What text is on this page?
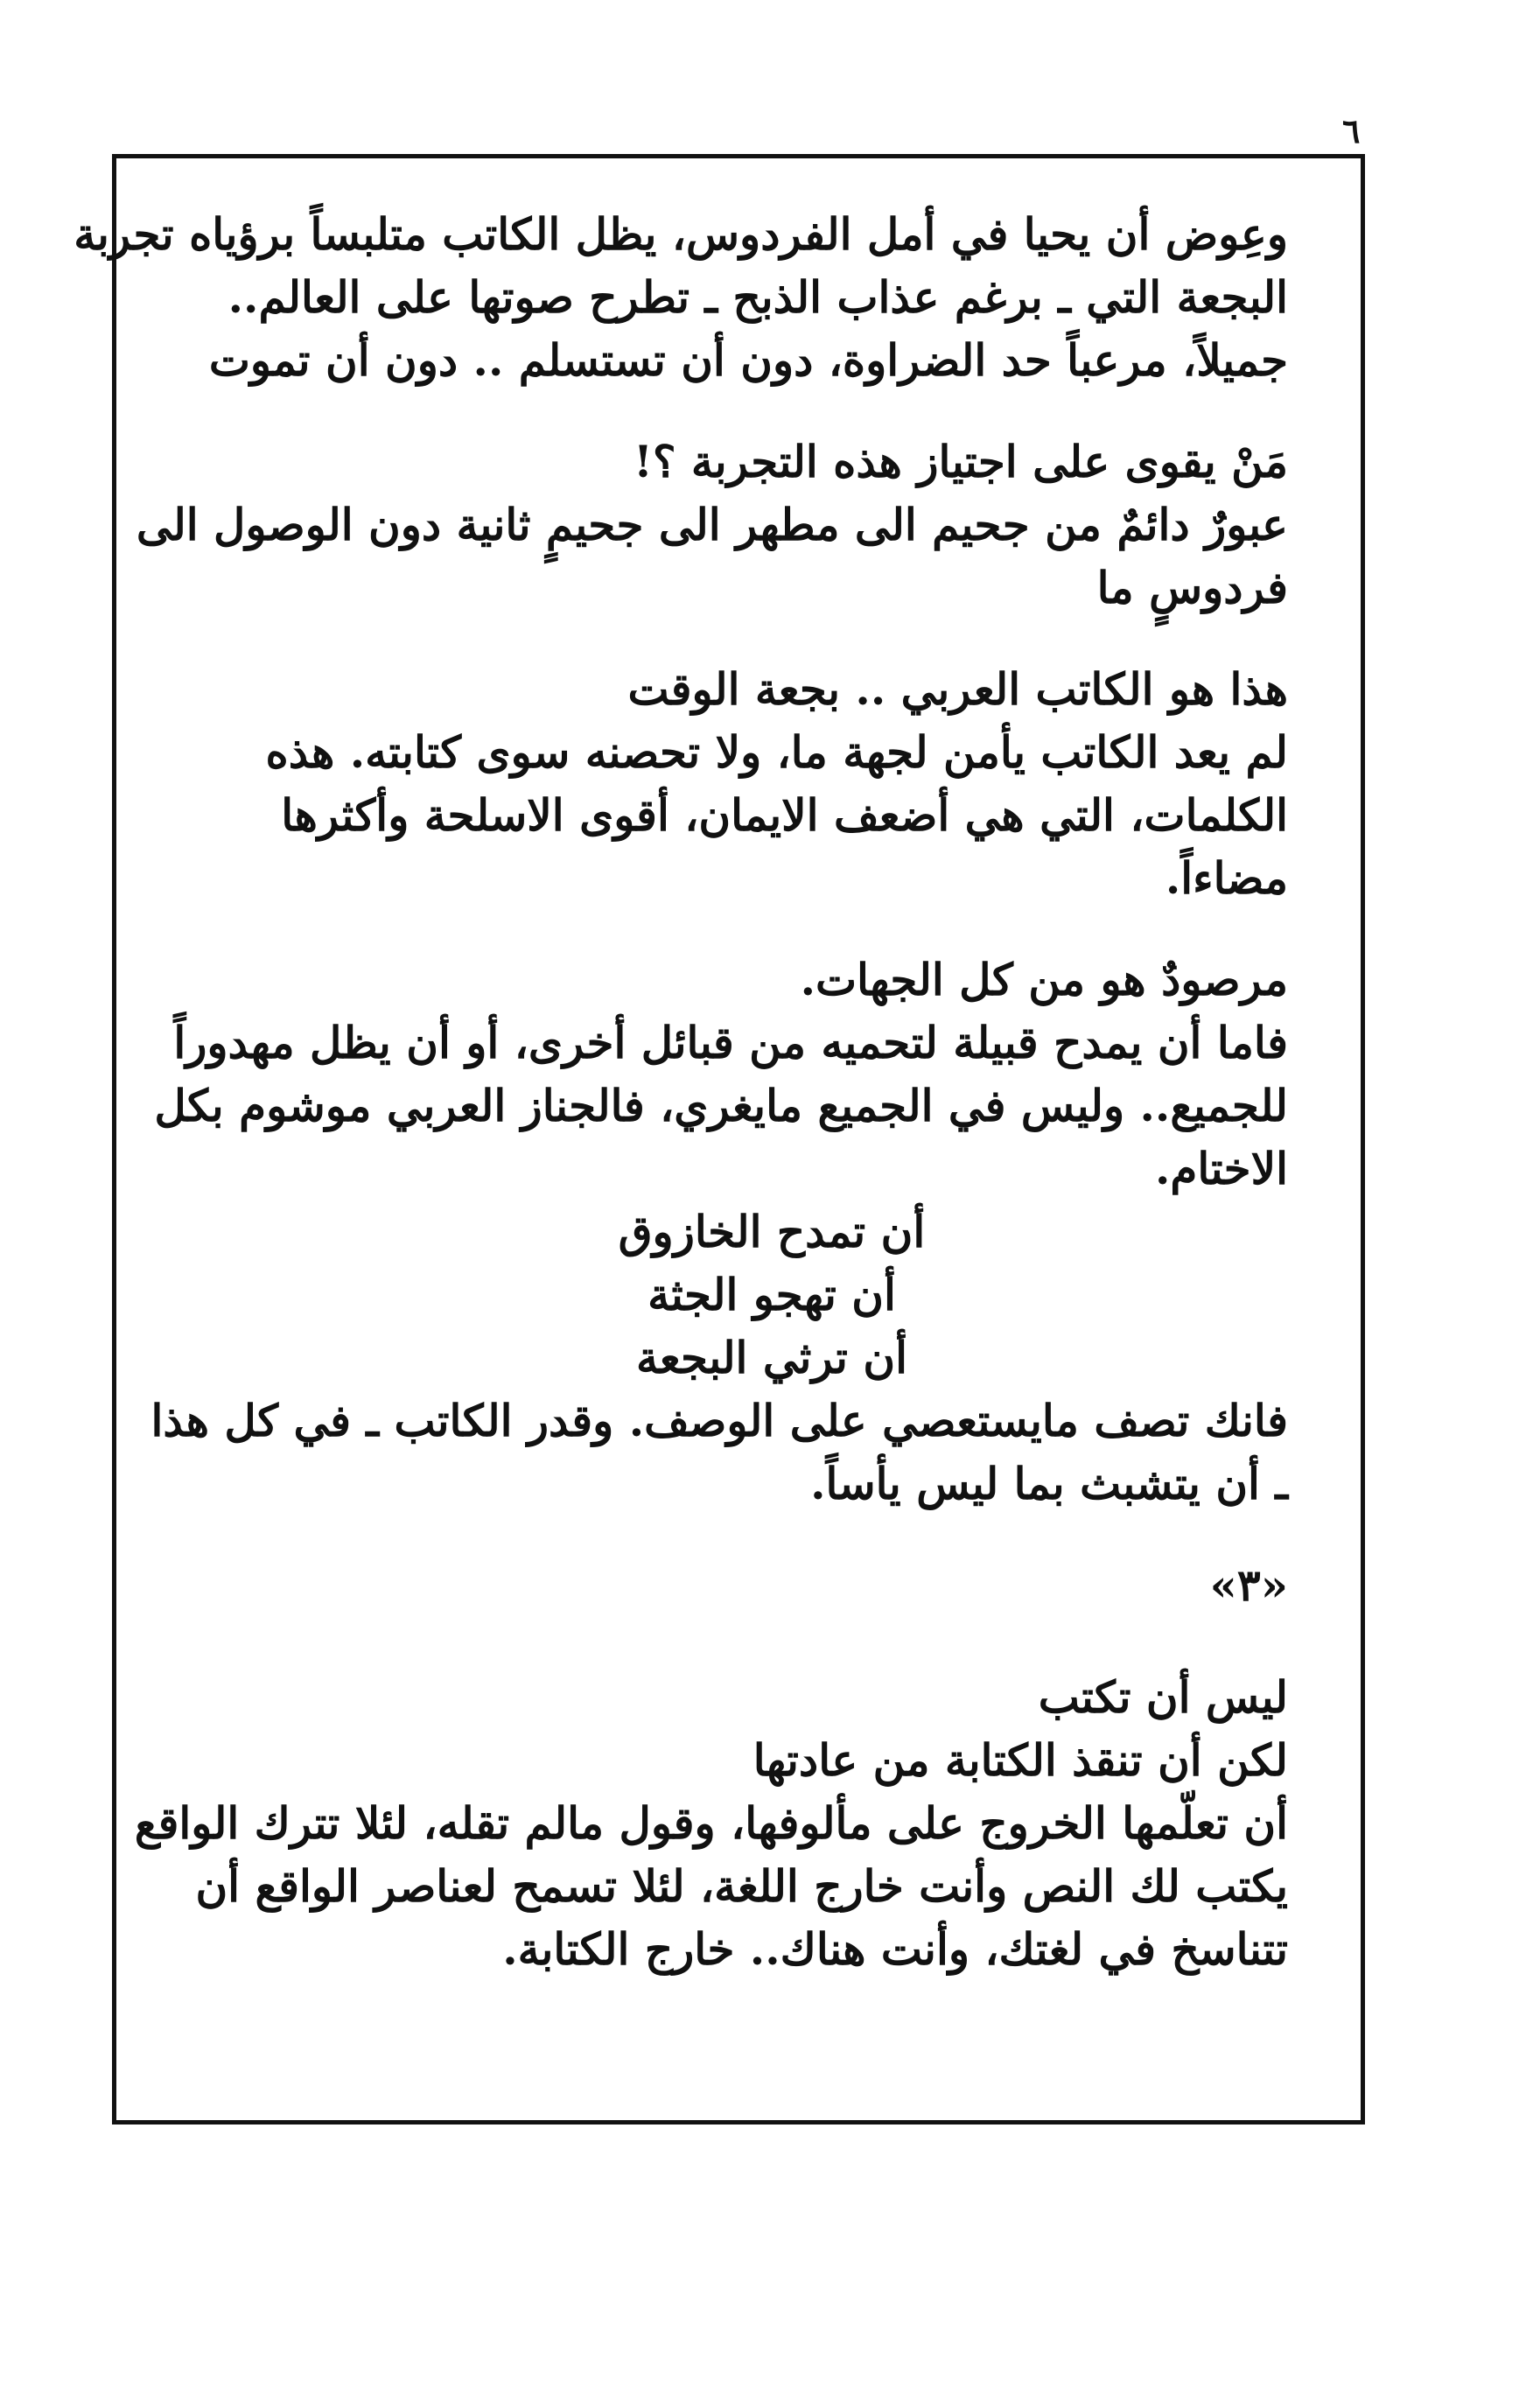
٦
وعِوض أن يحيا في أمل الفردوس، يظل الكاتب متلبساً برؤياه تجربة
البجعة التي ـ برغم عذاب الذبح ـ تطرح صوتها على العالم..
جميلاً، مرعباً حد الضراوة، دون أن تستسلم .. دون أن تموت
مَنْ يقوى على اجتياز هذه التجربة ؟!
عبورٌ دائمٌ من جحيم الى مطهر الى جحيمٍ ثانية دون الوصول الى
فردوسٍ ما
هذا هو الكاتب العربي .. بجعة الوقت
لم يعد الكاتب يأمن لجهة ما، ولا تحصنه سوى كتابته. هذه
الكلمات، التي هي أضعف الايمان، أقوى الاسلحة وأكثرها
مضاءاً.
مرصودٌ هو من كل الجهات.
فاما أن يمدح قبيلة لتحميه من قبائل أخرى، أو أن يظل مهدوراً
للجميع.. وليس في الجميع مايغري، فالجناز العربي موشوم بكل
الاختام.
أن تمدح الخازوق
أن تهجو الجثة
أن ترثي البجعة
فانك تصف مايستعصي على الوصف. وقدر الكاتب ـ في كل هذا
ـ أن يتشبث بما ليس يأساً.
«٣»
ليس أن تكتب
لكن أن تنقذ الكتابة من عادتها
أن تعلّمها الخروج على مألوفها، وقول مالم تقله، لئلا تترك الواقع
يكتب لك النص وأنت خارج اللغة، لئلا تسمح لعناصر الواقع أن
تتناسخ في لغتك، وأنت هناك.. خارج الكتابة.
